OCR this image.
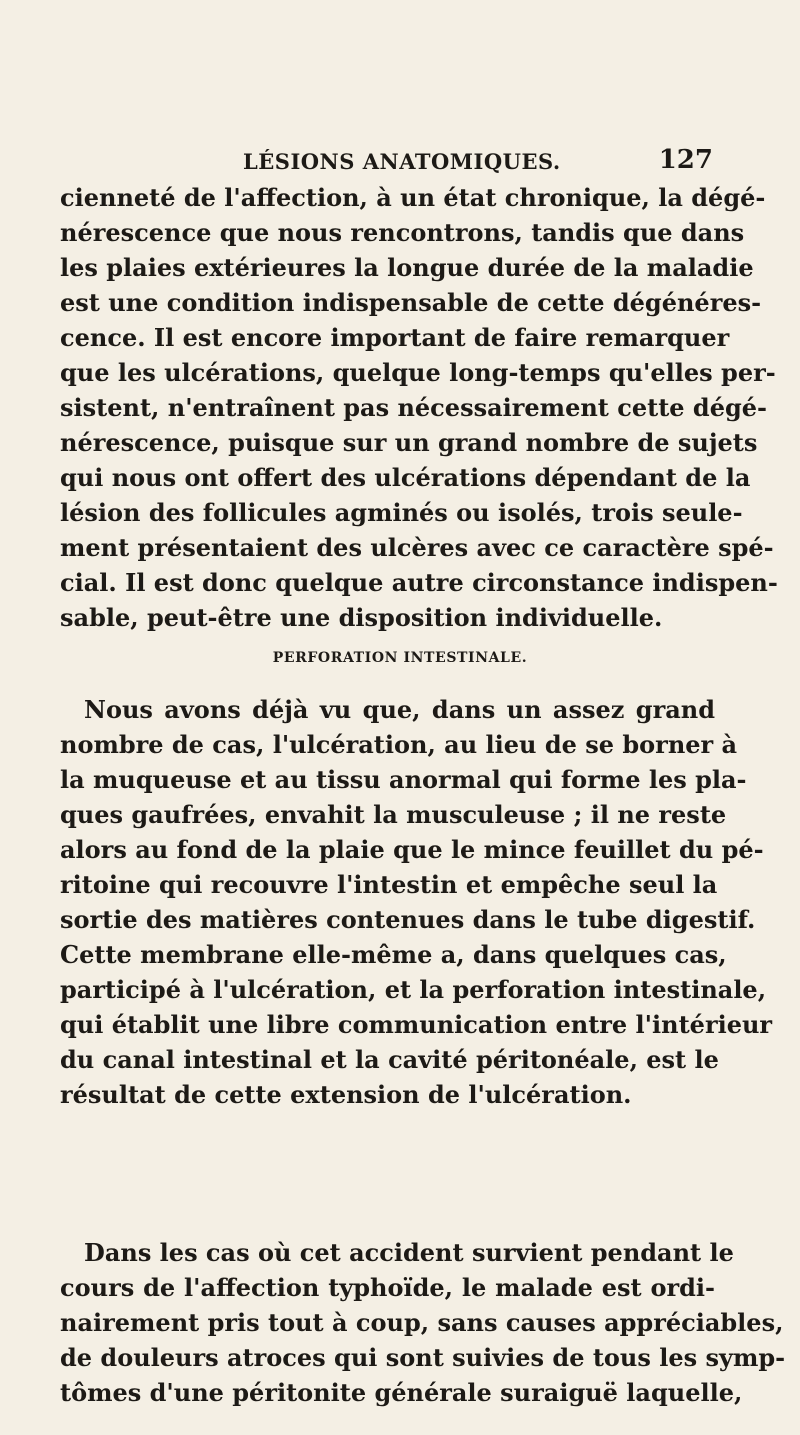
LÉSIONS ANATOMIQUES.	127
cienneté de l'affection, à un état chronique, la dégé-
nérescence que nous rencontrons, tandis que dans
les plaies extérieures la longue durée de la maladie
est une condition indispensable de cette dégénéres-
cence. Il est encore important de faire remarquer
que les ulcérations, quelque long-temps qu'elles per-
sistent, n'entraînent pas nécessairement cette dégé-
nérescence, puisque sur un grand nombre de sujets
qui nous ont offert des ulcérations dépendant de la
lésion des follicules agminés ou isolés, trois seule-
ment présentaient des ulcères avec ce caractère spé-
cial. Il est donc quelque autre circonstance indispen-
sable, peut-être une disposition individuelle.
PERFORATION INTESTINALE.
Nous avons déjà vu que, dans un assez grand
nombre de cas, l'ulcération, au lieu de se borner à
la muqueuse et au tissu anormal qui forme les pla-
ques gaufrées, envahit la musculeuse ; il ne reste
alors au fond de la plaie que le mince feuillet du pé-
ritoine qui recouvre l'intestin et empêche seul la
sortie des matières contenues dans le tube digestif.
Cette membrane elle-même a, dans quelques cas,
participé à l'ulcération, et la perforation intestinale,
qui établit une libre communication entre l'intérieur
du canal intestinal et la cavité péritonéale, est le
résultat de cette extension de l'ulcération.
Dans les cas où cet accident survient pendant le
cours de l'affection typhoïde, le malade est ordi-
nairement pris tout à coup, sans causes appréciables,
de douleurs atroces qui sont suivies de tous les symp-
tômes d'une péritonite générale suraiguë laquelle,
